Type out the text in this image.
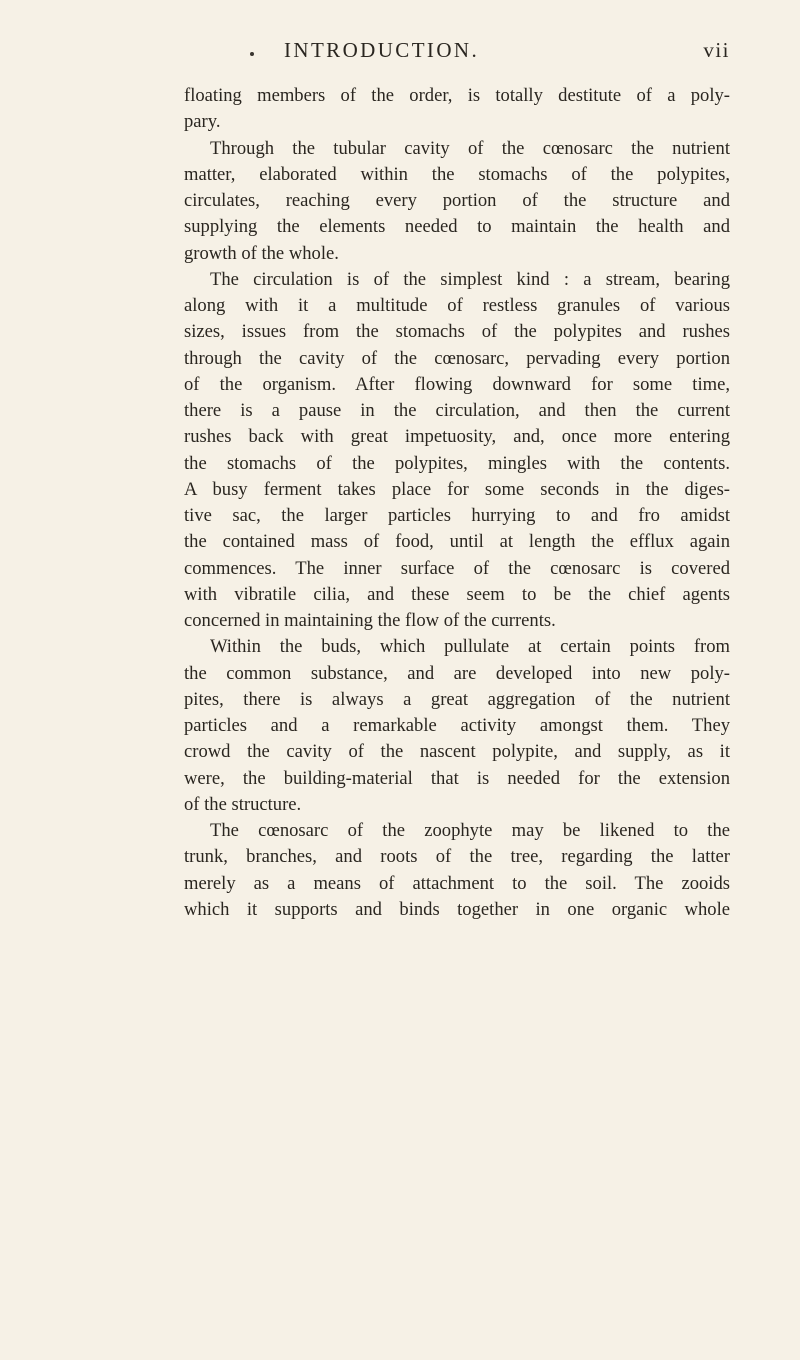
INTRODUCTION.	vii
floating members of the order, is totally destitute of a poly-
pary.
Through the tubular cavity of the cœnosarc the nutrient
matter, elaborated within the stomachs of the polypites,
circulates, reaching every portion of the structure and
supplying the elements needed to maintain the health and
growth of the whole.
The circulation is of the simplest kind : a stream, bearing
along with it a multitude of restless granules of various
sizes, issues from the stomachs of the polypites and rushes
through the cavity of the cœnosarc, pervading every portion
of the organism. After flowing downward for some time,
there is a pause in the circulation, and then the current
rushes back with great impetuosity, and, once more entering
the stomachs of the polypites, mingles with the contents.
A busy ferment takes place for some seconds in the diges-
tive sac, the larger particles hurrying to and fro amidst
the contained mass of food, until at length the efflux again
commences. The inner surface of the cœnosarc is covered
with vibratile cilia, and these seem to be the chief agents
concerned in maintaining the flow of the currents.
Within the buds, which pullulate at certain points from
the common substance, and are developed into new poly-
pites, there is always a great aggregation of the nutrient
particles and a remarkable activity amongst them. They
crowd the cavity of the nascent polypite, and supply, as it
were, the building-material that is needed for the extension
of the structure.
The cœnosarc of the zoophyte may be likened to the
trunk, branches, and roots of the tree, regarding the latter
merely as a means of attachment to the soil. The zooids
which it supports and binds together in one organic whole
